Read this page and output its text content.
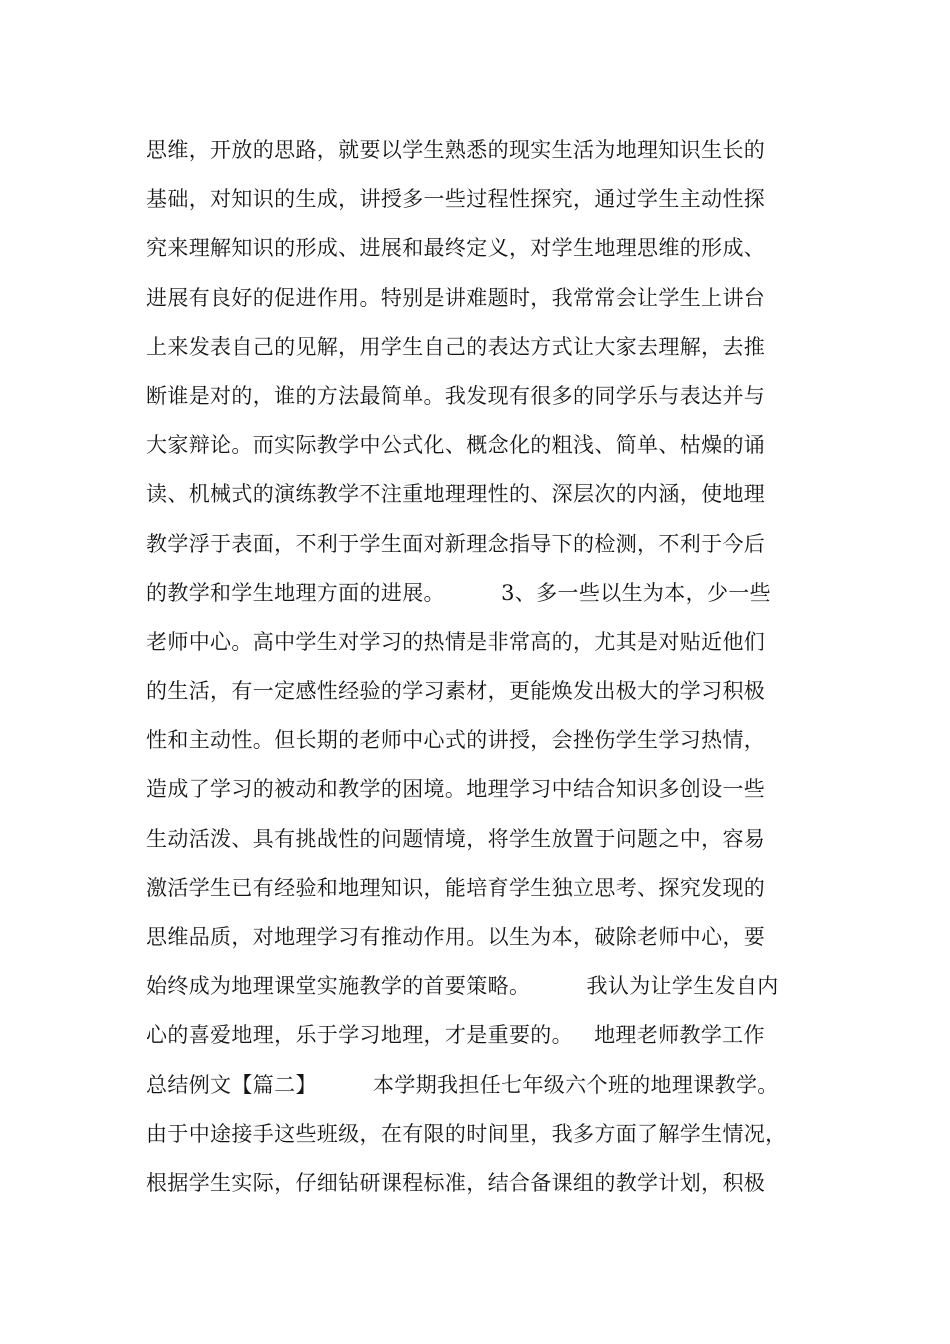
思维，开放的思路，就要以学生熟悉的现实生活为地理知识生长的
基础，对知识的生成，讲授多一些过程性探究，通过学生主动性探
究来理解知识的形成、进展和最终定义，对学生地理思维的形成、
进展有良好的促进作用。特别是讲难题时，我常常会让学生上讲台
上来发表自己的见解，用学生自己的表达方式让大家去理解，去推
断谁是对的，谁的方法最简单。我发现有很多的同学乐与表达并与
大家辩论。而实际教学中公式化、概念化的粗浅、简单、枯燥的诵
读、机械式的演练教学不注重地理理性的、深层次的内涵，使地理
教学浮于表面，不利于学生面对新理念指导下的检测，不利于今后
的教学和学生地理方面的进展。        3、多一些以生为本，少一些
老师中心。高中学生对学习的热情是非常高的，尤其是对贴近他们
的生活，有一定感性经验的学习素材，更能焕发出极大的学习积极
性和主动性。但长期的老师中心式的讲授，会挫伤学生学习热情，
造成了学习的被动和教学的困境。地理学习中结合知识多创设一些
生动活泼、具有挑战性的问题情境，将学生放置于问题之中，容易
激活学生已有经验和地理知识，能培育学生独立思考、探究发现的
思维品质，对地理学习有推动作用。以生为本，破除老师中心，要
始终成为地理课堂实施教学的首要策略。        我认为让学生发自内
心的喜爱地理，乐于学习地理，才是重要的。   地理老师教学工作
总结例文【篇二】        本学期我担任七年级六个班的地理课教学。
由于中途接手这些班级，在有限的时间里，我多方面了解学生情况，
根据学生实际，仔细钻研课程标准，结合备课组的教学计划，积极
